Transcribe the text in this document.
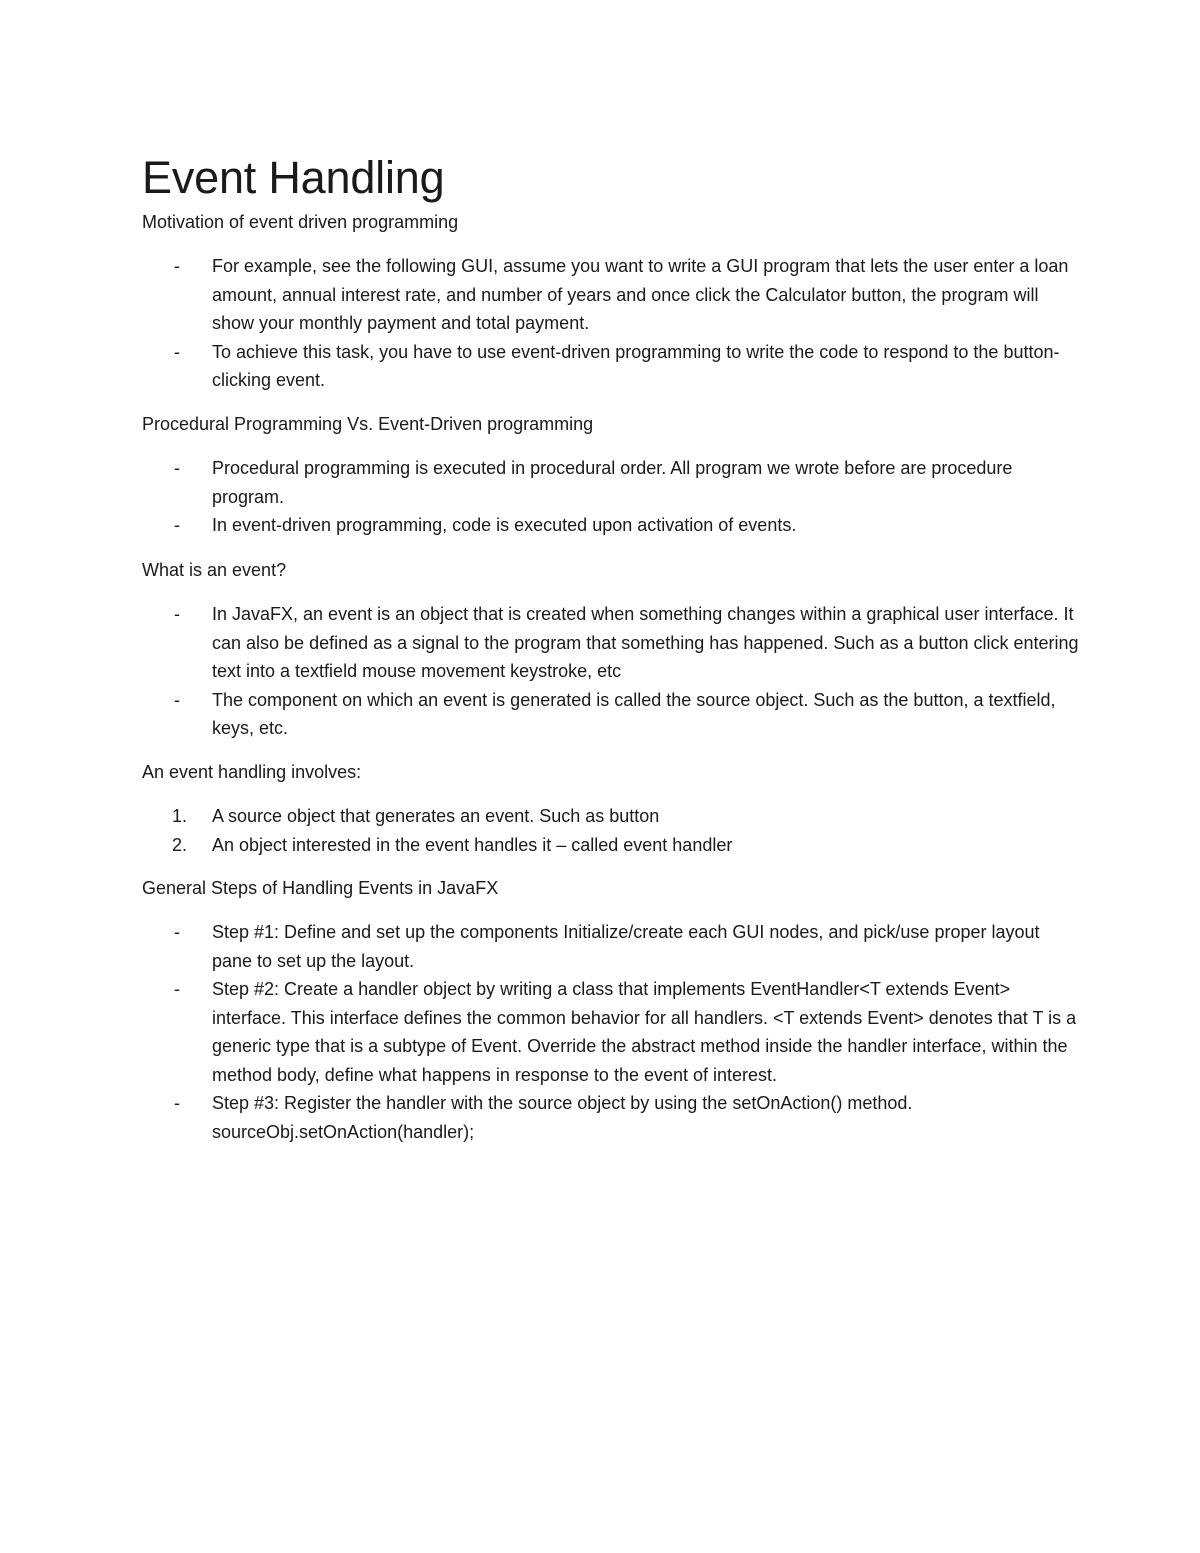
Event Handling

Motivation of event driven programming

-	For example, see the following GUI, assume you want to write a GUI program that lets the user enter a loan amount, annual interest rate, and number of years and once click the Calculator button, the program will show your monthly payment and total payment.
-	To achieve this task, you have to use event-driven programming to write the code to respond to the button-clicking event.

Procedural Programming Vs. Event-Driven programming

-	Procedural programming is executed in procedural order. All program we wrote before are procedure program.
-	In event-driven programming, code is executed upon activation of events.

What is an event?

-	In JavaFX, an event is an object that is created when something changes within a graphical user interface. It can also be defined as a signal to the program that something has happened. Such as a button click entering text into a textfield mouse movement keystroke, etc
-	The component on which an event is generated is called the source object. Such as the button, a textfield, keys, etc.

An event handling involves:

1.	A source object that generates an event. Such as button
2.	An object interested in the event handles it – called event handler

General Steps of Handling Events in JavaFX

-	Step #1: Define and set up the components Initialize/create each GUI nodes, and pick/use proper layout pane to set up the layout.
-	Step #2: Create a handler object by writing a class that implements EventHandler<T extends Event> interface. This interface defines the common behavior for all handlers. <T extends Event> denotes that T is a generic type that is a subtype of Event. Override the abstract method inside the handler interface, within the method body, define what happens in response to the event of interest.
-	Step #3: Register the handler with the source object by using the setOnAction() method. sourceObj.setOnAction(handler);
